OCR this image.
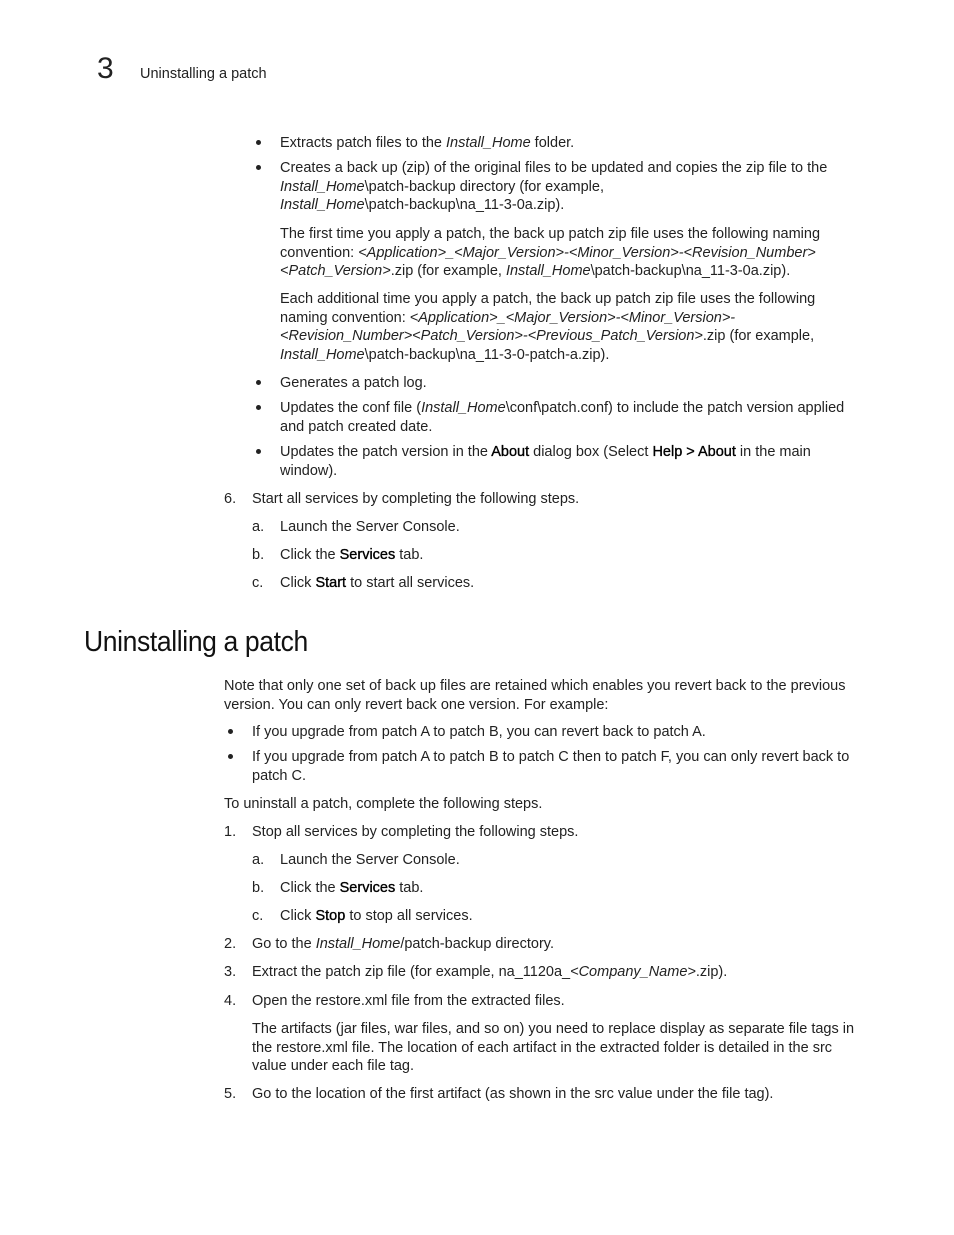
3 Uninstalling a patch
Extracts patch files to the Install_Home folder.
Creates a back up (zip) of the original files to be updated and copies the zip file to the
Install_Home\patch-backup directory (for example,
Install_Home\patch-backup\na_11-3-0a.zip).
The first time you apply a patch, the back up patch zip file uses the following naming
convention: <Application>_<Major_Version>-<Minor_Version>-<Revision_Number>
<Patch_Version>.zip (for example, Install_Home\patch-backup\na_11-3-0a.zip).
Each additional time you apply a patch, the back up patch zip file uses the following
naming convention: <Application>_<Major_Version>-<Minor_Version>-
<Revision_Number><Patch_Version>-<Previous_Patch_Version>.zip (for example,
Install_Home\patch-backup\na_11-3-0-patch-a.zip).
Generates a patch log.
Updates the conf file (Install_Home\conf\patch.conf) to include the patch version applied
and patch created date.
Updates the patch version in the About dialog box (Select Help > About in the main
window).
6. Start all services by completing the following steps.
a. Launch the Server Console.
b. Click the Services tab.
c. Click Start to start all services.
Uninstalling a patch
Note that only one set of back up files are retained which enables you revert back to the previous
version. You can only revert back one version. For example:
If you upgrade from patch A to patch B, you can revert back to patch A.
If you upgrade from patch A to patch B to patch C then to patch F, you can only revert back to
patch C.
To uninstall a patch, complete the following steps.
1. Stop all services by completing the following steps.
a. Launch the Server Console.
b. Click the Services tab.
c. Click Stop to stop all services.
2. Go to the Install_Home/patch-backup directory.
3. Extract the patch zip file (for example, na_1120a_<Company_Name>.zip).
4. Open the restore.xml file from the extracted files.
The artifacts (jar files, war files, and so on) you need to replace display as separate file tags in
the restore.xml file. The location of each artifact in the extracted folder is detailed in the src
value under each file tag.
5. Go to the location of the first artifact (as shown in the src value under the file tag).
